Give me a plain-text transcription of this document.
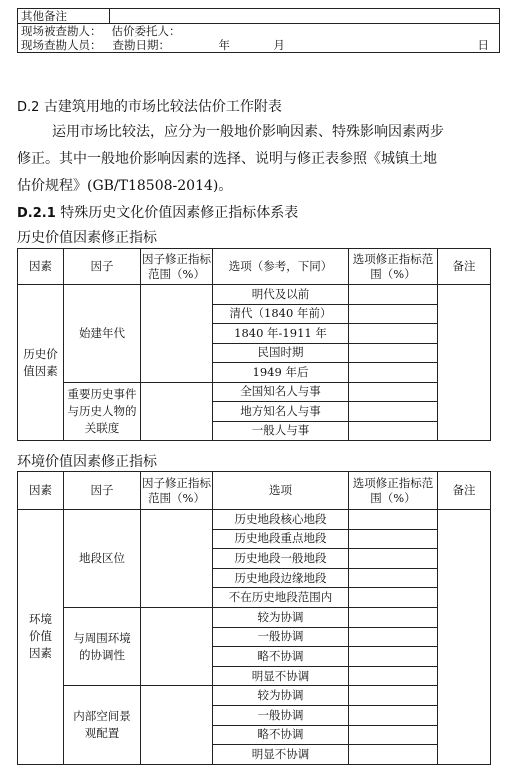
其他备注			
现场被查勘人：	估价委托人：		
现场查勘人员：	查勘日期：	年 月	日
D.2 古建筑用地的市场比较法估价工作附表
运用市场比较法，应分为一般地价影响因素、特殊影响因素两步
修正。其中一般地价影响因素的选择、说明与修正表参照《城镇土地
估价规程》(GB/T18508-2014)。
D.2.1 特殊历史文化价值因素修正指标体系表
历史价值因素修正指标
因素	因子	因子修正指标范围（%）	选项（参考，下同）	选项修正指标范围（%）	备注
历史价值因素	始建年代		明代及以前		
			清代（1840 年前）		
			1840 年-1911 年		
			民国时期		
			1949 年后		
	重要历史事件与历史人物的关联度		全国知名人与事		
			地方知名人与事		
			一般人与事		
环境价值因素修正指标
因素	因子	因子修正指标范围（%）	选项	选项修正指标范围（%）	备注
环境价值因素	地段区位		历史地段核心地段		
			历史地段重点地段		
			历史地段一般地段		
			历史地段边缘地段		
			不在历史地段范围内		
	与周围环境的协调性		较为协调		
			一般协调		
			略不协调		
			明显不协调		
	内部空间景观配置		较为协调		
			一般协调		
			略不协调		
			明显不协调		
